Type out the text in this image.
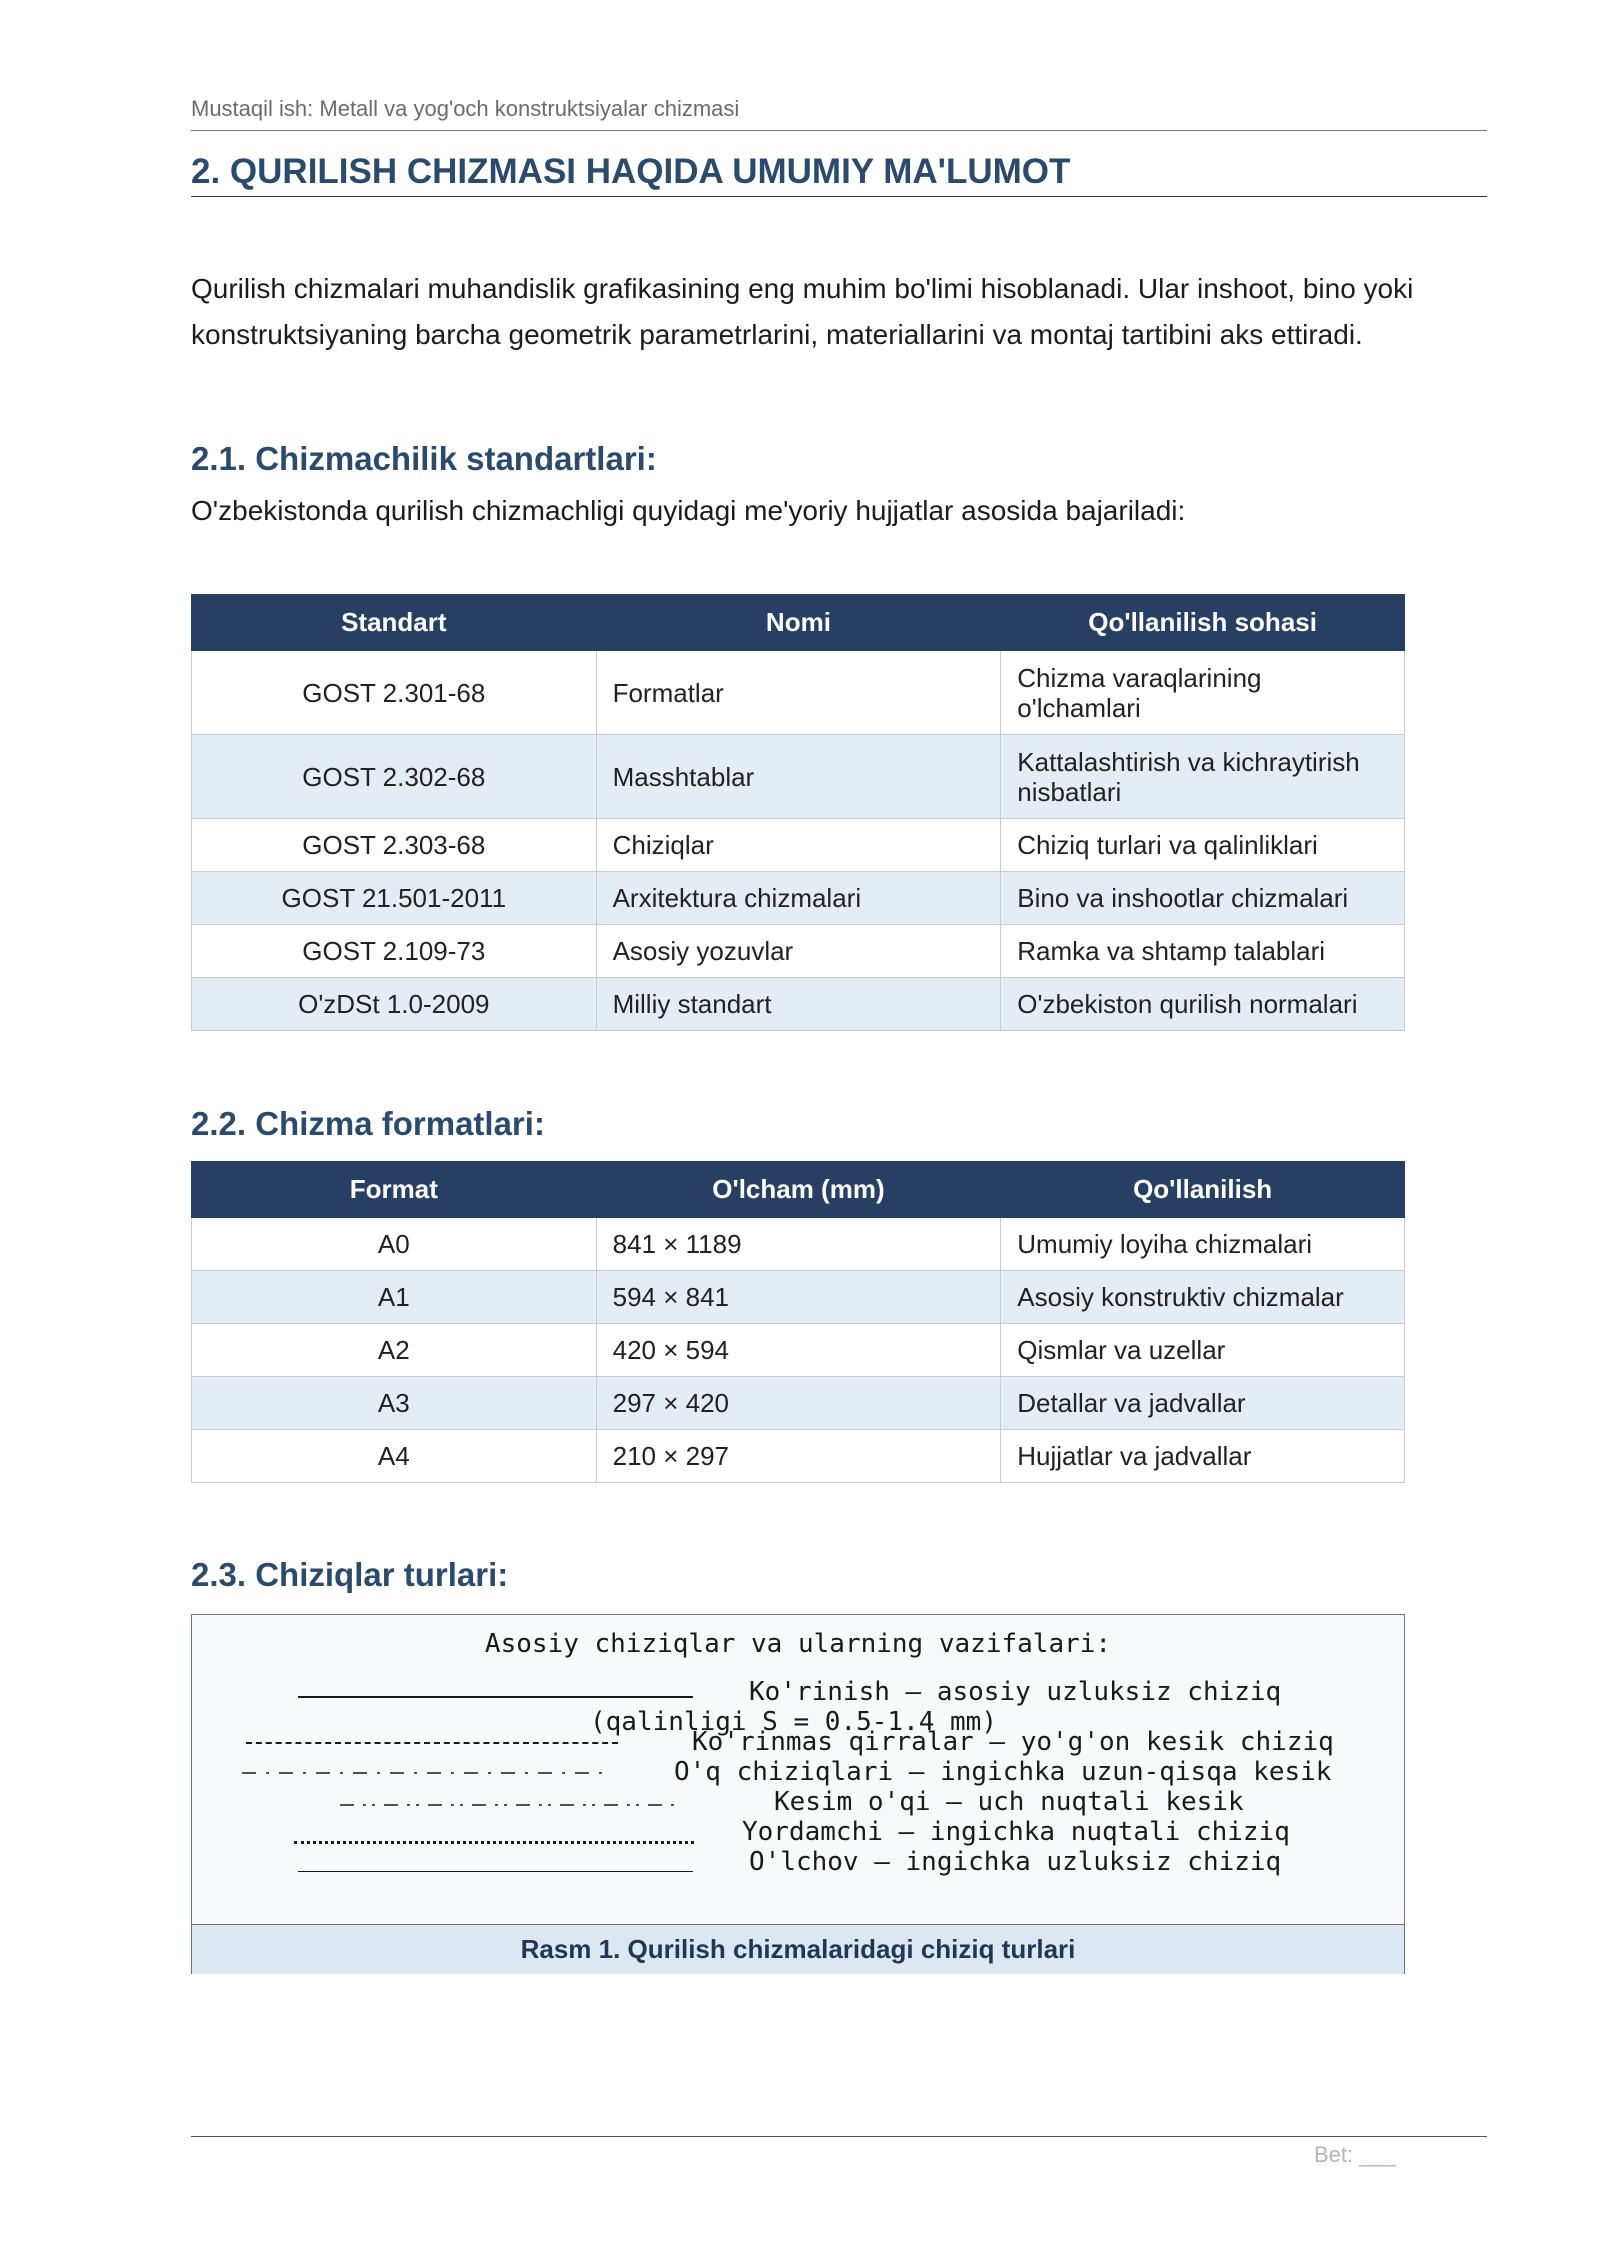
Mustaqil ish: Metall va yog'och konstruktsiyalar chizmasi
2. QURILISH CHIZMASI HAQIDA UMUMIY MA'LUMOT
Qurilish chizmalari muhandislik grafikasining eng muhim bo'limi hisoblanadi. Ular inshoot, bino yoki konstruktsiyaning barcha geometrik parametrlarini, materiallarini va montaj tartibini aks ettiradi.
2.1. Chizmachilik standartlari:
O'zbekistonda qurilish chizmachligi quyidagi me'yoriy hujjatlar asosida bajariladi:
Standart	Nomi	Qo'llanilish sohasi
GOST 2.301-68	Formatlar	Chizma varaqlarining o'lchamlari
GOST 2.302-68	Masshtablar	Kattalashtirish va kichraytirish nisbatlari
GOST 2.303-68	Chiziqlar	Chiziq turlari va qalinliklari
GOST 21.501-2011	Arxitektura chizmalari	Bino va inshootlar chizmalari
GOST 2.109-73	Asosiy yozuvlar	Ramka va shtamp talablari
O'zDSt 1.0-2009	Milliy standart	O'zbekiston qurilish normalari
2.2. Chizma formatlari:
Format	O'lcham (mm)	Qo'llanilish
A0	841 × 1189	Umumiy loyiha chizmalari
A1	594 × 841	Asosiy konstruktiv chizmalar
A2	420 × 594	Qismlar va uzellar
A3	297 × 420	Detallar va jadvallar
A4	210 × 297	Hujjatlar va jadvallar
2.3. Chiziqlar turlari:
Asosiy chiziqlar va ularning vazifalari:
Ko'rinish — asosiy uzluksiz chiziq
(qalinligi S = 0.5-1.4 mm)
Ko'rinmas qirralar — yo'g'on kesik chiziq
O'q chiziqlari — ingichka uzun-qisqa kesik
Kesim o'qi — uch nuqtali kesik
Yordamchi — ingichka nuqtali chiziq
O'lchov — ingichka uzluksiz chiziq
Rasm 1. Qurilish chizmalaridagi chiziq turlari
Bet: ___
